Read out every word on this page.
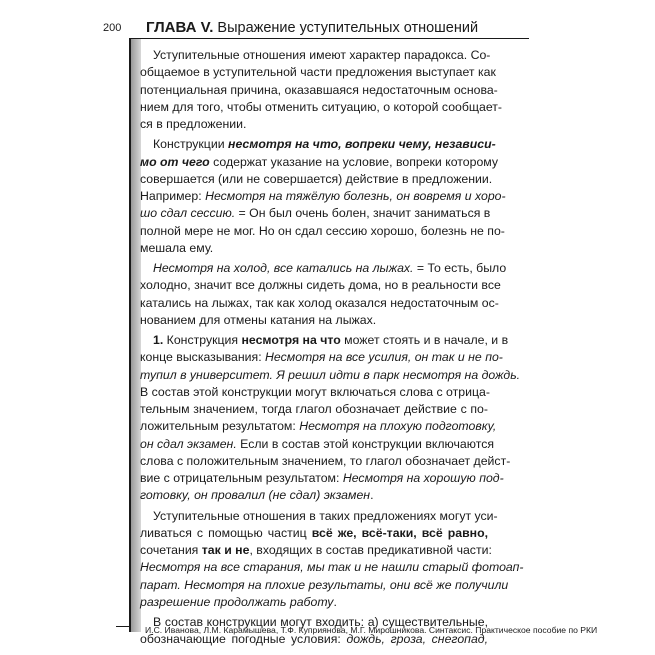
200 ГЛАВА V. Выражение уступительных отношений
Уступительные отношения имеют характер парадокса. Со-
общаемое в уступительной части предложения выступает как
потенциальная причина, оказавшаяся недостаточным основа-
нием для того, чтобы отменить ситуацию, о которой сообщает-
ся в предложении.
Конструкции несмотря на что, вопреки чему, независи-
мо от чего содержат указание на условие, вопреки которому
совершается (или не совершается) действие в предложении.
Например: Несмотря на тяжёлую болезнь, он вовремя и хоро-
шо сдал сессию. = Он был очень болен, значит заниматься в
полной мере не мог. Но он сдал сессию хорошо, болезнь не по-
мешала ему.
Несмотря на холод, все катались на лыжах. = То есть, было
холодно, значит все должны сидеть дома, но в реальности все
катались на лыжах, так как холод оказался недостаточным ос-
нованием для отмены катания на лыжах.
1. Конструкция несмотря на что может стоять и в начале, и в
конце высказывания: Несмотря на все усилия, он так и не по-
тупил в университет. Я решил идти в парк несмотря на дождь.
В состав этой конструкции могут включаться слова с отрица-
тельным значением, тогда глагол обозначает действие с по-
ложительным результатом: Несмотря на плохую подготовку,
он сдал экзамен. Если в состав этой конструкции включаются
слова с положительным значением, то глагол обозначает дейст-
вие с отрицательным результатом: Несмотря на хорошую под-
готовку, он провалил (не сдал) экзамен.
Уступительные отношения в таких предложениях могут уси-
ливаться с помощью частиц всё же, всё-таки, всё равно,
сочетания так и не, входящих в состав предикативной части:
Несмотря на все старания, мы так и не нашли старый фотоап-
парат. Несмотря на плохие результаты, они всё же получили
разрешение продолжать работу.
В состав конструкции могут входить: а) существительные,
обозначающие погодные условия: дождь, гроза, снегопад,
И.С. Иванова, Л.М. Карамышева, Т.Ф. Куприянова, М.Г. Мирошникова. Синтаксис. Практическое пособие по РКИ
